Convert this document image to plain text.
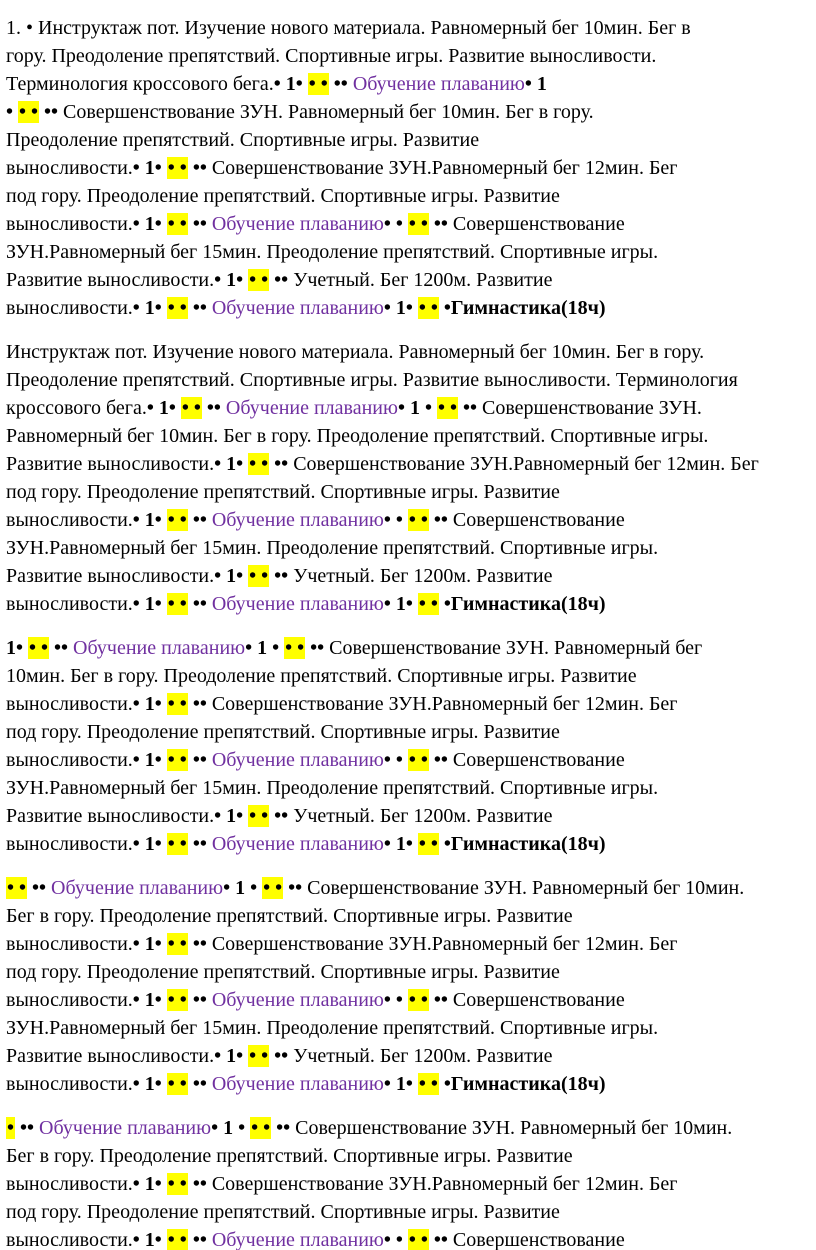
1. • Инструктаж пот. Изучение нового материала. Равномерный бег 10мин. Бег в
гору. Преодоление препятствий. Спортивные игры. Развитие выносливости.
Терминология кроссового бега.• 1• • • •• Обучение плаванию• 1
• • • •• Совершенствование ЗУН. Равномерный бег 10мин. Бег в гору.
Преодоление препятствий. Спортивные игры. Развитие
выносливости.• 1• • • •• Совершенствование ЗУН.Равномерный бег 12мин. Бег
под гору. Преодоление препятствий. Спортивные игры. Развитие
выносливости.• 1• • • •• Обучение плаванию• • • • •• Совершенствование
ЗУН.Равномерный бег 15мин. Преодоление препятствий. Спортивные игры.
Развитие выносливости.• 1• • • •• Учетный. Бег 1200м. Развитие
выносливости.• 1• • • •• Обучение плаванию• 1• • • •Гимнастика(18ч)
Инструктаж пот. Изучение нового материала. Равномерный бег 10мин. Бег в гору.
Преодоление препятствий. Спортивные игры. Развитие выносливости. Терминология
кроссового бега.• 1• • • •• Обучение плаванию• 1 • • • •• Совершенствование ЗУН.
Равномерный бег 10мин. Бег в гору. Преодоление препятствий. Спортивные игры.
Развитие выносливости.• 1• • • •• Совершенствование ЗУН.Равномерный бег 12мин. Бег
под гору. Преодоление препятствий. Спортивные игры. Развитие
выносливости.• 1• • • •• Обучение плаванию• • • • •• Совершенствование
ЗУН.Равномерный бег 15мин. Преодоление препятствий. Спортивные игры.
Развитие выносливости.• 1• • • •• Учетный. Бег 1200м. Развитие
выносливости.• 1• • • •• Обучение плаванию• 1• • • •Гимнастика(18ч)
1• • • •• Обучение плаванию• 1 • • • •• Совершенствование ЗУН. Равномерный бег
10мин. Бег в гору. Преодоление препятствий. Спортивные игры. Развитие
выносливости.• 1• • • •• Совершенствование ЗУН.Равномерный бег 12мин. Бег
под гору. Преодоление препятствий. Спортивные игры. Развитие
выносливости.• 1• • • •• Обучение плаванию• • • • •• Совершенствование
ЗУН.Равномерный бег 15мин. Преодоление препятствий. Спортивные игры.
Развитие выносливости.• 1• • • •• Учетный. Бег 1200м. Развитие
выносливости.• 1• • • •• Обучение плаванию• 1• • • •Гимнастика(18ч)
• • •• Обучение плаванию• 1 • • • •• Совершенствование ЗУН. Равномерный бег 10мин.
Бег в гору. Преодоление препятствий. Спортивные игры. Развитие
выносливости.• 1• • • •• Совершенствование ЗУН.Равномерный бег 12мин. Бег
под гору. Преодоление препятствий. Спортивные игры. Развитие
выносливости.• 1• • • •• Обучение плаванию• • • • •• Совершенствование
ЗУН.Равномерный бег 15мин. Преодоление препятствий. Спортивные игры.
Развитие выносливости.• 1• • • •• Учетный. Бег 1200м. Развитие
выносливости.• 1• • • •• Обучение плаванию• 1• • • •Гимнастика(18ч)
• •• Обучение плаванию• 1 • • • •• Совершенствование ЗУН. Равномерный бег 10мин.
Бег в гору. Преодоление препятствий. Спортивные игры. Развитие
выносливости.• 1• • • •• Совершенствование ЗУН.Равномерный бег 12мин. Бег
под гору. Преодоление препятствий. Спортивные игры. Развитие
выносливости.• 1• • • •• Обучение плаванию• • • • •• Совершенствование
